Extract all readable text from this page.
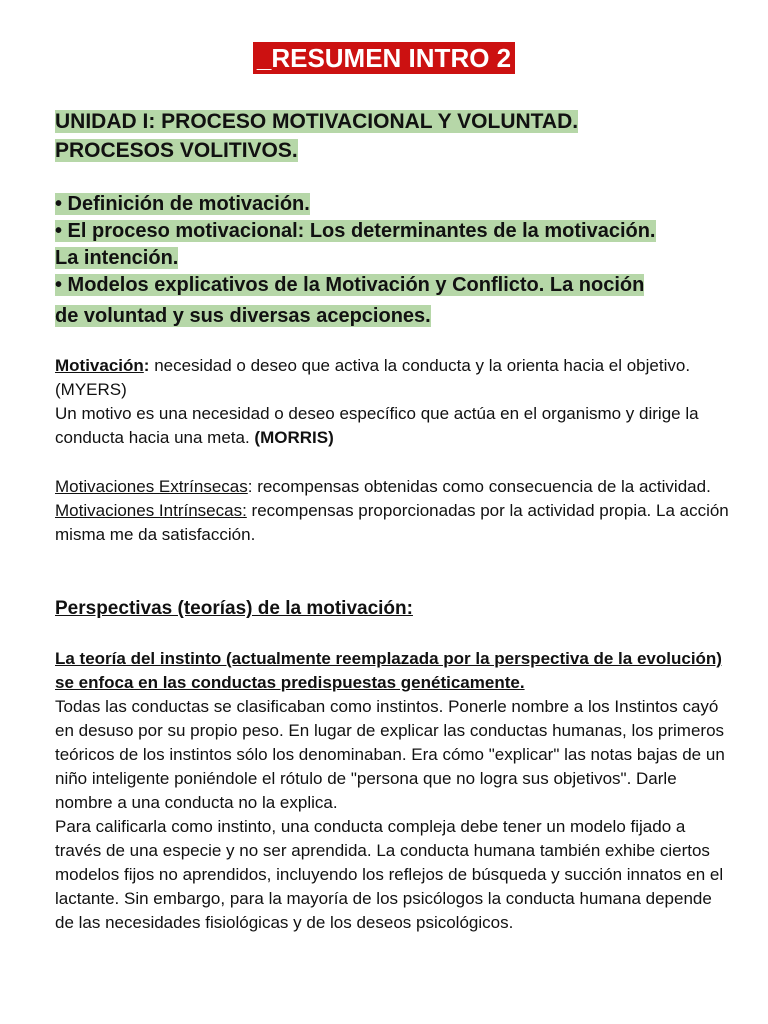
_RESUMEN INTRO 2
UNIDAD I: PROCESO MOTIVACIONAL Y VOLUNTAD.
PROCESOS VOLITIVOS.
• Definición de motivación.
• El proceso motivacional: Los determinantes de la motivación.
La intención.
• Modelos explicativos de la Motivación y Conflicto. La noción
de voluntad y sus diversas acepciones.

Motivación: necesidad o deseo que activa la conducta y la orienta hacia el objetivo. (MYERS)

Un motivo es una necesidad o deseo específico que actúa en el organismo y dirige la conducta hacia una meta. (MORRIS)

Motivaciones Extrínsecas: recompensas obtenidas como consecuencia de la actividad.

Motivaciones Intrínsecas: recompensas proporcionadas por la actividad propia. La acción misma me da satisfacción.

Perspectivas (teorías) de la motivación:

La teoría del instinto (actualmente reemplazada por la perspectiva de la evolución) se enfoca en las conductas predispuestas genéticamente.

Todas las conductas se clasificaban como instintos. Ponerle nombre a los Instintos cayó en desuso por su propio peso. En lugar de explicar las conductas humanas, los primeros teóricos de los instintos sólo los denominaban. Era cómo "explicar" las notas bajas de un niño inteligente poniéndole el rótulo de "persona que no logra sus objetivos". Darle nombre a una conducta no la explica.

Para calificarla como instinto, una conducta compleja debe tener un modelo fijado a través de una especie y no ser aprendida. La conducta humana también exhibe ciertos modelos fijos no aprendidos, incluyendo los reflejos de búsqueda y succión innatos en el lactante. Sin embargo, para la mayoría de los psicólogos la conducta humana depende de las necesidades fisiológicas y de los deseos psicológicos.
